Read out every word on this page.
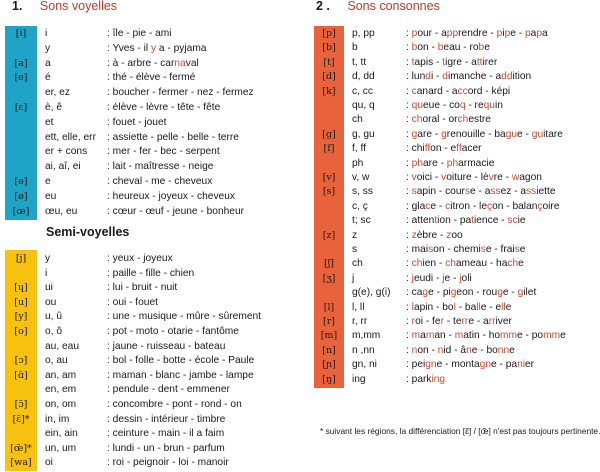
1. Sons voyelles	2 . Sons consonnes
Semi-voyelles
[i]	i	: île - pie - ami
y	: Yves - il y a - pyjama
[a]	a	: à - arbre - carnaval
[e]	é	: thé - élève - fermé
er, ez	: boucher - fermer - nez - fermez
[ɛ]	è, ê	: élève - lèvre - tête - fête
et	: fouet - jouet
ett, elle, err : assiette - pelle - belle - terre
er + cons : mer - fer - bec - serpent
ai, aî, ei	: lait - maîtresse - neige
[ə]	e	: cheval - me - cheveux
[ø]	eu	: heureux - joyeux - cheveux
[œ]	œu, eu	: cœur - œuf - jeune - bonheur
[j]	y	: yeux - joyeux
i	: paille - fille - chien
[ɥ]	ui	: lui - bruit - nuit
[u]	ou	: oui - fouet
[y]	u, û	: une - musique - mûre - sûrement
[o]	o, ô	: pot - moto - otarie - fantôme
au, eau	: jaune - ruisseau - bateau
[ɔ]	o, au	: bol - folle - botte - école - Paule
[ɑ̃]	an, am	: maman - blanc - jambe - lampe
en, em	: pendule - dent - emmener
[ɔ̃]	on, om	: concombre - pont - rond - on
[ɛ̃]*	in, im	: dessin - intérieur - timbre
ein, ain	: ceinture - main - il a faim
[œ̃]*	un, um	: lundi - un - brun - parfum
[wa]	oi	: roi - peignoir - loi - manoir
[p]	p, pp	: pour - apprendre - pipe - papa
[b]	b	: bon - beau - robe
[t]	t, tt	: tapis - tigre - attirer
[d]	d, dd	: lundi - dimanche - addition
[k]	c, cc	: canard - accord - képi
qu, q	: queue - coq - requin
ch	: choral - orchestre
[g]	g, gu	: gare - grenouille - bague - guitare
[f]	f, ff	: chiffon - effacer
ph	: phare - pharmacie
[v]	v, w	: voici - voiture - lèvre - wagon
[s]	s, ss	: sapin - course - assez - assiette
c, ç	: glace - citron - leçon - balançoire
t; sc	: attention - patience - scie
[z]	z	: zèbre - zoo
s	: maison - chemise - fraise
[ʃ]	ch	: chien - chameau - hache
[ʒ]	j	: jeudi - je - joli
g(e), g(i) : cage - pigeon - rouge - gilet
[l]	l, ll	: lapin - bol - balle - elle
[r]	r, rr	: roi - fer - terre - arriver
[m]	m,mm	: maman - matin - homme - pomme
[n]	n ,nn	: non - nid - âne - bonne
[ɲ]	gn, ni	: peigne - montagne - panier
[ŋ]	ing	: parking
* suivant les régions, la différenciation [ɛ̃] / [œ̃] n'est pas toujours pertinente.
